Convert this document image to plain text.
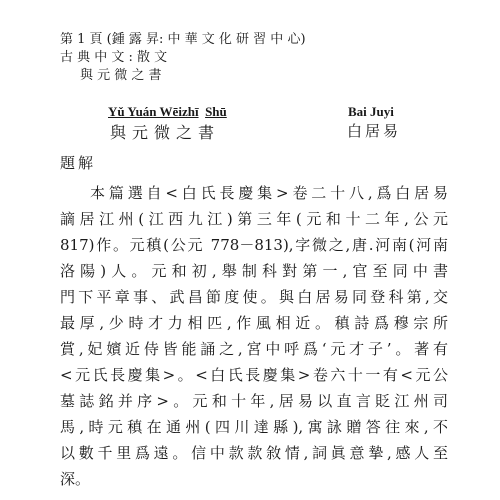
第 1 頁 (鍾 露 昇: 中 華 文 化 研 習 中 心)
古 典 中 文 : 散 文
與 元 微 之 書
Yǔ Yuán Wēizhī Shū
與元微之書
Bai Juyi
白居易
題解
本篇選自<白氏長慶集>卷二十八,爲白居易
謫居江州(江西九江)第三年(元和十二年,公元
817)作。元稹(公元 778－813),字微之,唐.河南(河南
洛陽)人。元和初,舉制科對第一,官至同中書
門下平章事、武昌節度使。與白居易同登科第,交
最厚,少時才力相匹,作風相近。稹詩爲穆宗所
賞,妃嬪近侍皆能誦之,宮中呼爲‘元才子’。著有
<元氏長慶集>。<白氏長慶集>卷六十一有<元公
墓誌銘并序>。元和十年,居易以直言貶江州司
馬,時元稹在通州(四川達縣),寓詠贈答往來,不
以數千里爲遠。信中款款敘情,詞眞意摯,感人至
深。
